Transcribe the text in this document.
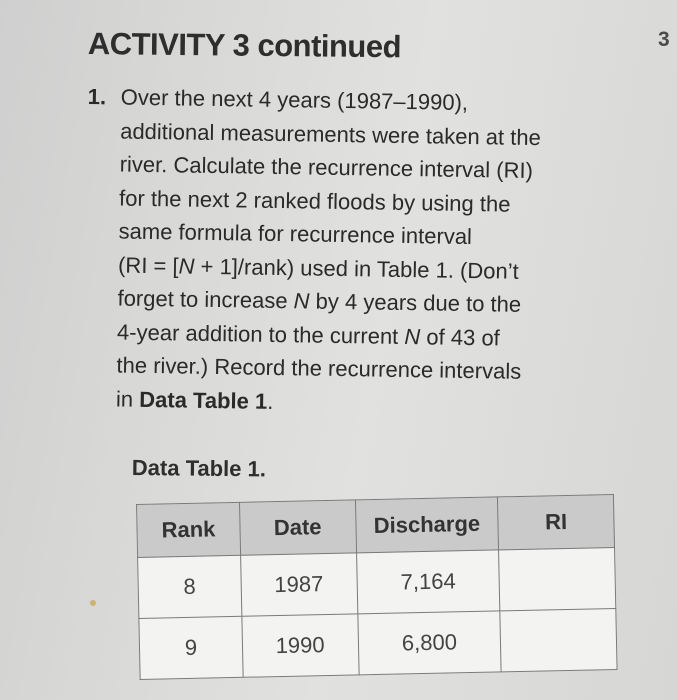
3
ACTIVITY 3 continued
1. Over the next 4 years (1987–1990),
additional measurements were taken at the
river. Calculate the recurrence interval (RI)
for the next 2 ranked floods by using the
same formula for recurrence interval
(RI = [N + 1]/rank) used in Table 1. (Don’t
forget to increase N by 4 years due to the
4-year addition to the current N of 43 of
the river.) Record the recurrence intervals
in Data Table 1.
Data Table 1.
Rank	Date	Discharge	RI
8	1987	7,164	
9	1990	6,800	
